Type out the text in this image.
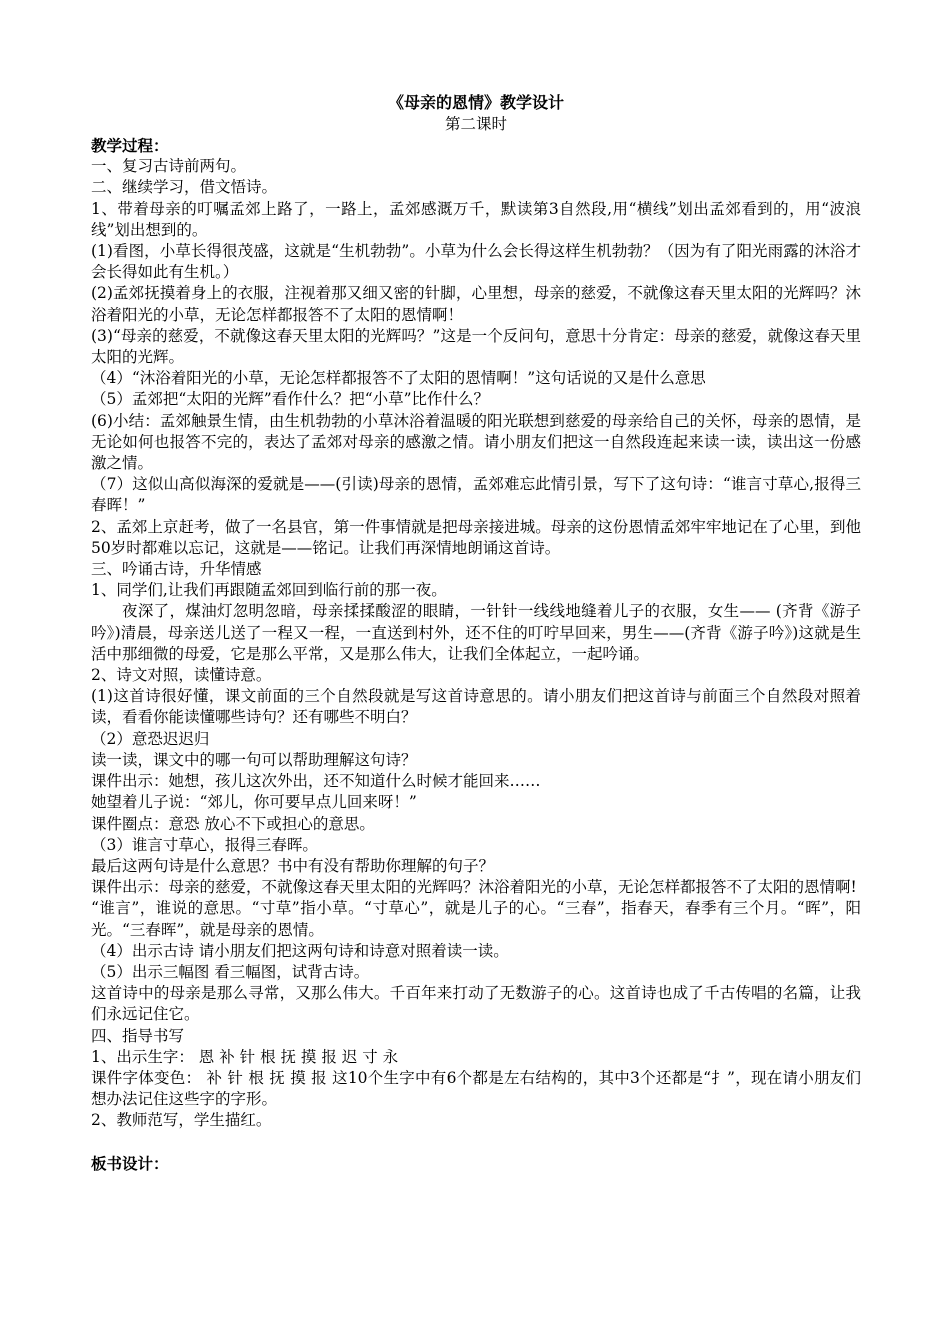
《母亲的恩情》教学设计
第二课时

教学过程：

一、复习古诗前两句。

二、继续学习，借文悟诗。

1、带着母亲的叮嘱孟郊上路了，一路上，孟郊感溉万千，默读第3自然段,用“横线”划出孟郊看到的，用“波浪线”划出想到的。

(1)看图，小草长得很茂盛，这就是“生机勃勃”。小草为什么会长得这样生机勃勃？（因为有了阳光雨露的沐浴才会长得如此有生机。）

(2)孟郊抚摸着身上的衣服，注视着那又细又密的针脚，心里想，母亲的慈爱，不就像这春天里太阳的光辉吗？沐浴着阳光的小草，无论怎样都报答不了太阳的恩情啊！

(3)“母亲的慈爱，不就像这春天里太阳的光辉吗？”这是一个反问句，意思十分肯定：母亲的慈爱，就像这春天里太阳的光辉。

（4）“沐浴着阳光的小草，无论怎样都报答不了太阳的恩情啊！”这句话说的又是什么意思

（5）孟郊把“太阳的光辉”看作什么？把“小草”比作什么？

(6)小结：孟郊触景生情，由生机勃勃的小草沐浴着温暖的阳光联想到慈爱的母亲给自己的关怀，母亲的恩情，是无论如何也报答不完的，表达了孟郊对母亲的感激之情。请小朋友们把这一自然段连起来读一读，读出这一份感激之情。

（7）这似山高似海深的爱就是——(引读)母亲的恩情，孟郊难忘此情引景，写下了这句诗：“谁言寸草心,报得三春晖！”

2、孟郊上京赶考，做了一名县官，第一件事情就是把母亲接进城。母亲的这份恩情孟郊牢牢地记在了心里，到他50岁时都难以忘记，这就是——铭记。让我们再深情地朗诵这首诗。

三、吟诵古诗，升华情感

1、同学们,让我们再跟随孟郊回到临行前的那一夜。

夜深了，煤油灯忽明忽暗，母亲揉揉酸涩的眼睛，一针针一线线地缝着儿子的衣服，女生—— (齐背《游子吟》)清晨，母亲送儿送了一程又一程，一直送到村外，还不住的叮咛早回来，男生——(齐背《游子吟》)这就是生活中那细微的母爱，它是那么平常，又是那么伟大，让我们全体起立，一起吟诵。

2、诗文对照，读懂诗意。

(1)这首诗很好懂，课文前面的三个自然段就是写这首诗意思的。请小朋友们把这首诗与前面三个自然段对照着读，看看你能读懂哪些诗句？还有哪些不明白？

（2）意恐迟迟归

读一读，课文中的哪一句可以帮助理解这句诗？

课件出示：她想，孩儿这次外出，还不知道什么时候才能回来……

她望着儿子说：“郊儿，你可要早点儿回来呀！”

课件圈点：意恐 放心不下或担心的意思。

（3）谁言寸草心，报得三春晖。

最后这两句诗是什么意思？书中有没有帮助你理解的句子？

课件出示：母亲的慈爱，不就像这春天里太阳的光辉吗？沐浴着阳光的小草，无论怎样都报答不了太阳的恩情啊!

“谁言”，谁说的意思。“寸草”指小草。“寸草心”，就是儿子的心。“三春”，指春天，春季有三个月。“晖”，阳光。“三春晖”，就是母亲的恩情。

（4）出示古诗 请小朋友们把这两句诗和诗意对照着读一读。

（5）出示三幅图 看三幅图，试背古诗。

这首诗中的母亲是那么寻常，又那么伟大。千百年来打动了无数游子的心。这首诗也成了千古传唱的名篇，让我们永远记住它。

四、指导书写

1、出示生字： 恩 补 针 根 抚 摸 报 迟 寸 永

课件字体变色： 补 针 根 抚 摸 报 这10个生字中有6个都是左右结构的，其中3个还都是“扌”，现在请小朋友们想办法记住这些字的字形。

2、教师范写，学生描红。

板书设计：
